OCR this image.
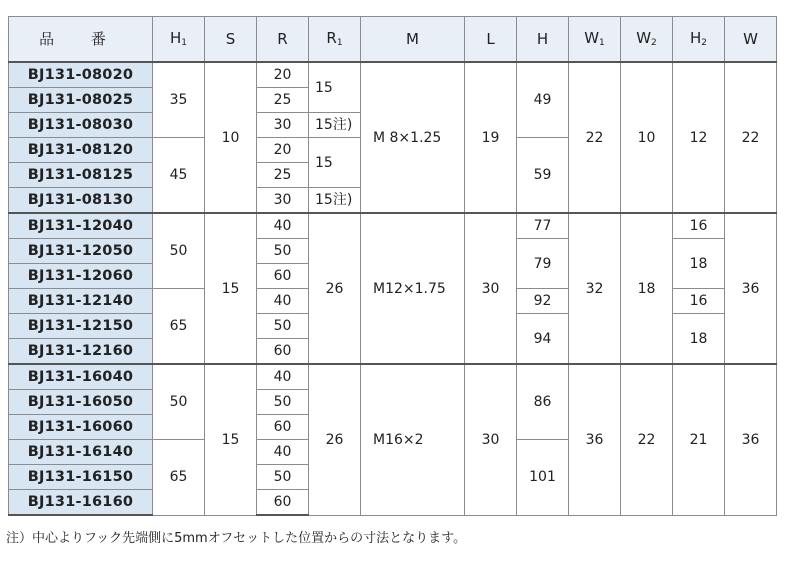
品 番	$H_1$	S	R	$R_1$	M	L	H	$W_1$	$W_2$	$H_2$	W
BJ131-08020	35	10	20	15	M 8×1.25	19	49	22	10	12	22
BJ131-08025			25								
BJ131-08030			30	15注)							
BJ131-08120	45		20	15			59				
BJ131-08125			25								
BJ131-08130			30	15注)							
BJ131-12040	50	15	40	26	M12×1.75	30	77	32	18	16	36
BJ131-12050			50				79			18	
BJ131-12060			60								
BJ131-12140	65		40				92			16	
BJ131-12150			50				94			18	
BJ131-12160			60								
BJ131-16040	50	15	40	26	M16×2	30	86	36	22	21	36
BJ131-16050			50								
BJ131-16060			60								
BJ131-16140	65		40				101				
BJ131-16150			50								
BJ131-16160			60								
注）中心よりフック先端側に5mmオフセットした位置からの寸法となります。
